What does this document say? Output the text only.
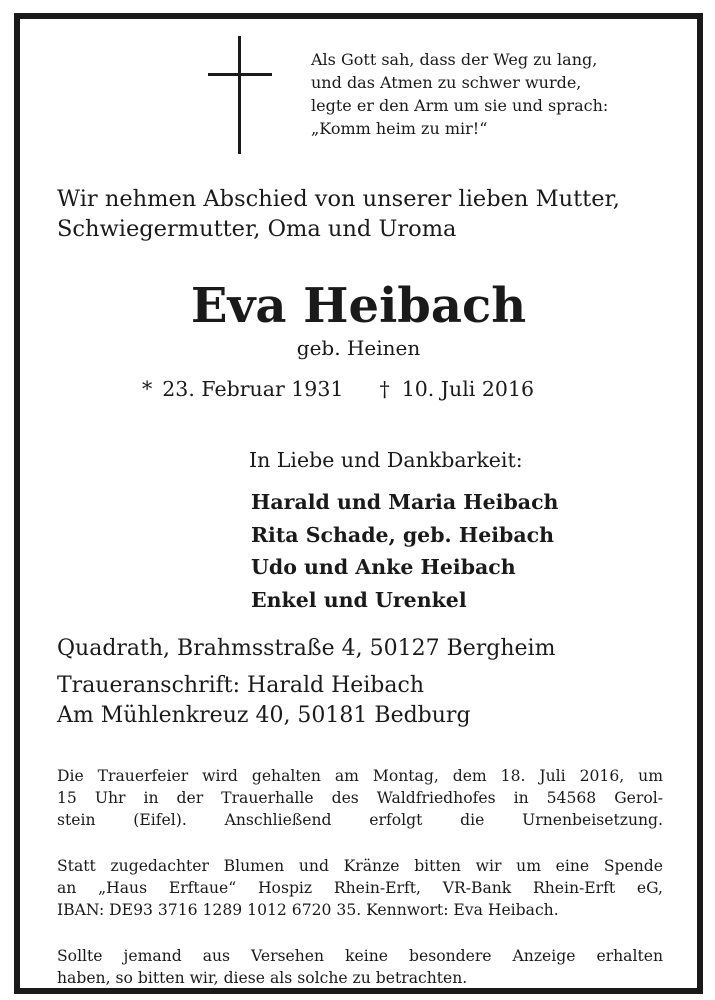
Als Gott sah, dass der Weg zu lang,
und das Atmen zu schwer wurde,
legte er den Arm um sie und sprach:
„Komm heim zu mir!“
Wir nehmen Abschied von unserer lieben Mutter,
Schwiegermutter, Oma und Uroma
Eva Heibach
geb. Heinen
* 23. Februar 1931 † 10. Juli 2016
In Liebe und Dankbarkeit:
Harald und Maria Heibach
Rita Schade, geb. Heibach
Udo und Anke Heibach
Enkel und Urenkel
Quadrath, Brahmsstraße 4, 50127 Bergheim
Traueranschrift: Harald Heibach
Am Mühlenkreuz 40, 50181 Bedburg
Die Trauerfeier wird gehalten am Montag, dem 18. Juli 2016, um
15 Uhr in der Trauerhalle des Waldfriedhofes in 54568 Gerol-
stein (Eifel). Anschließend erfolgt die Urnenbeisetzung.
Statt zugedachter Blumen und Kränze bitten wir um eine Spende
an „Haus Erftaue“ Hospiz Rhein-Erft, VR-Bank Rhein-Erft eG,
IBAN: DE93 3716 1289 1012 6720 35. Kennwort: Eva Heibach.
Sollte jemand aus Versehen keine besondere Anzeige erhalten
haben, so bitten wir, diese als solche zu betrachten.
